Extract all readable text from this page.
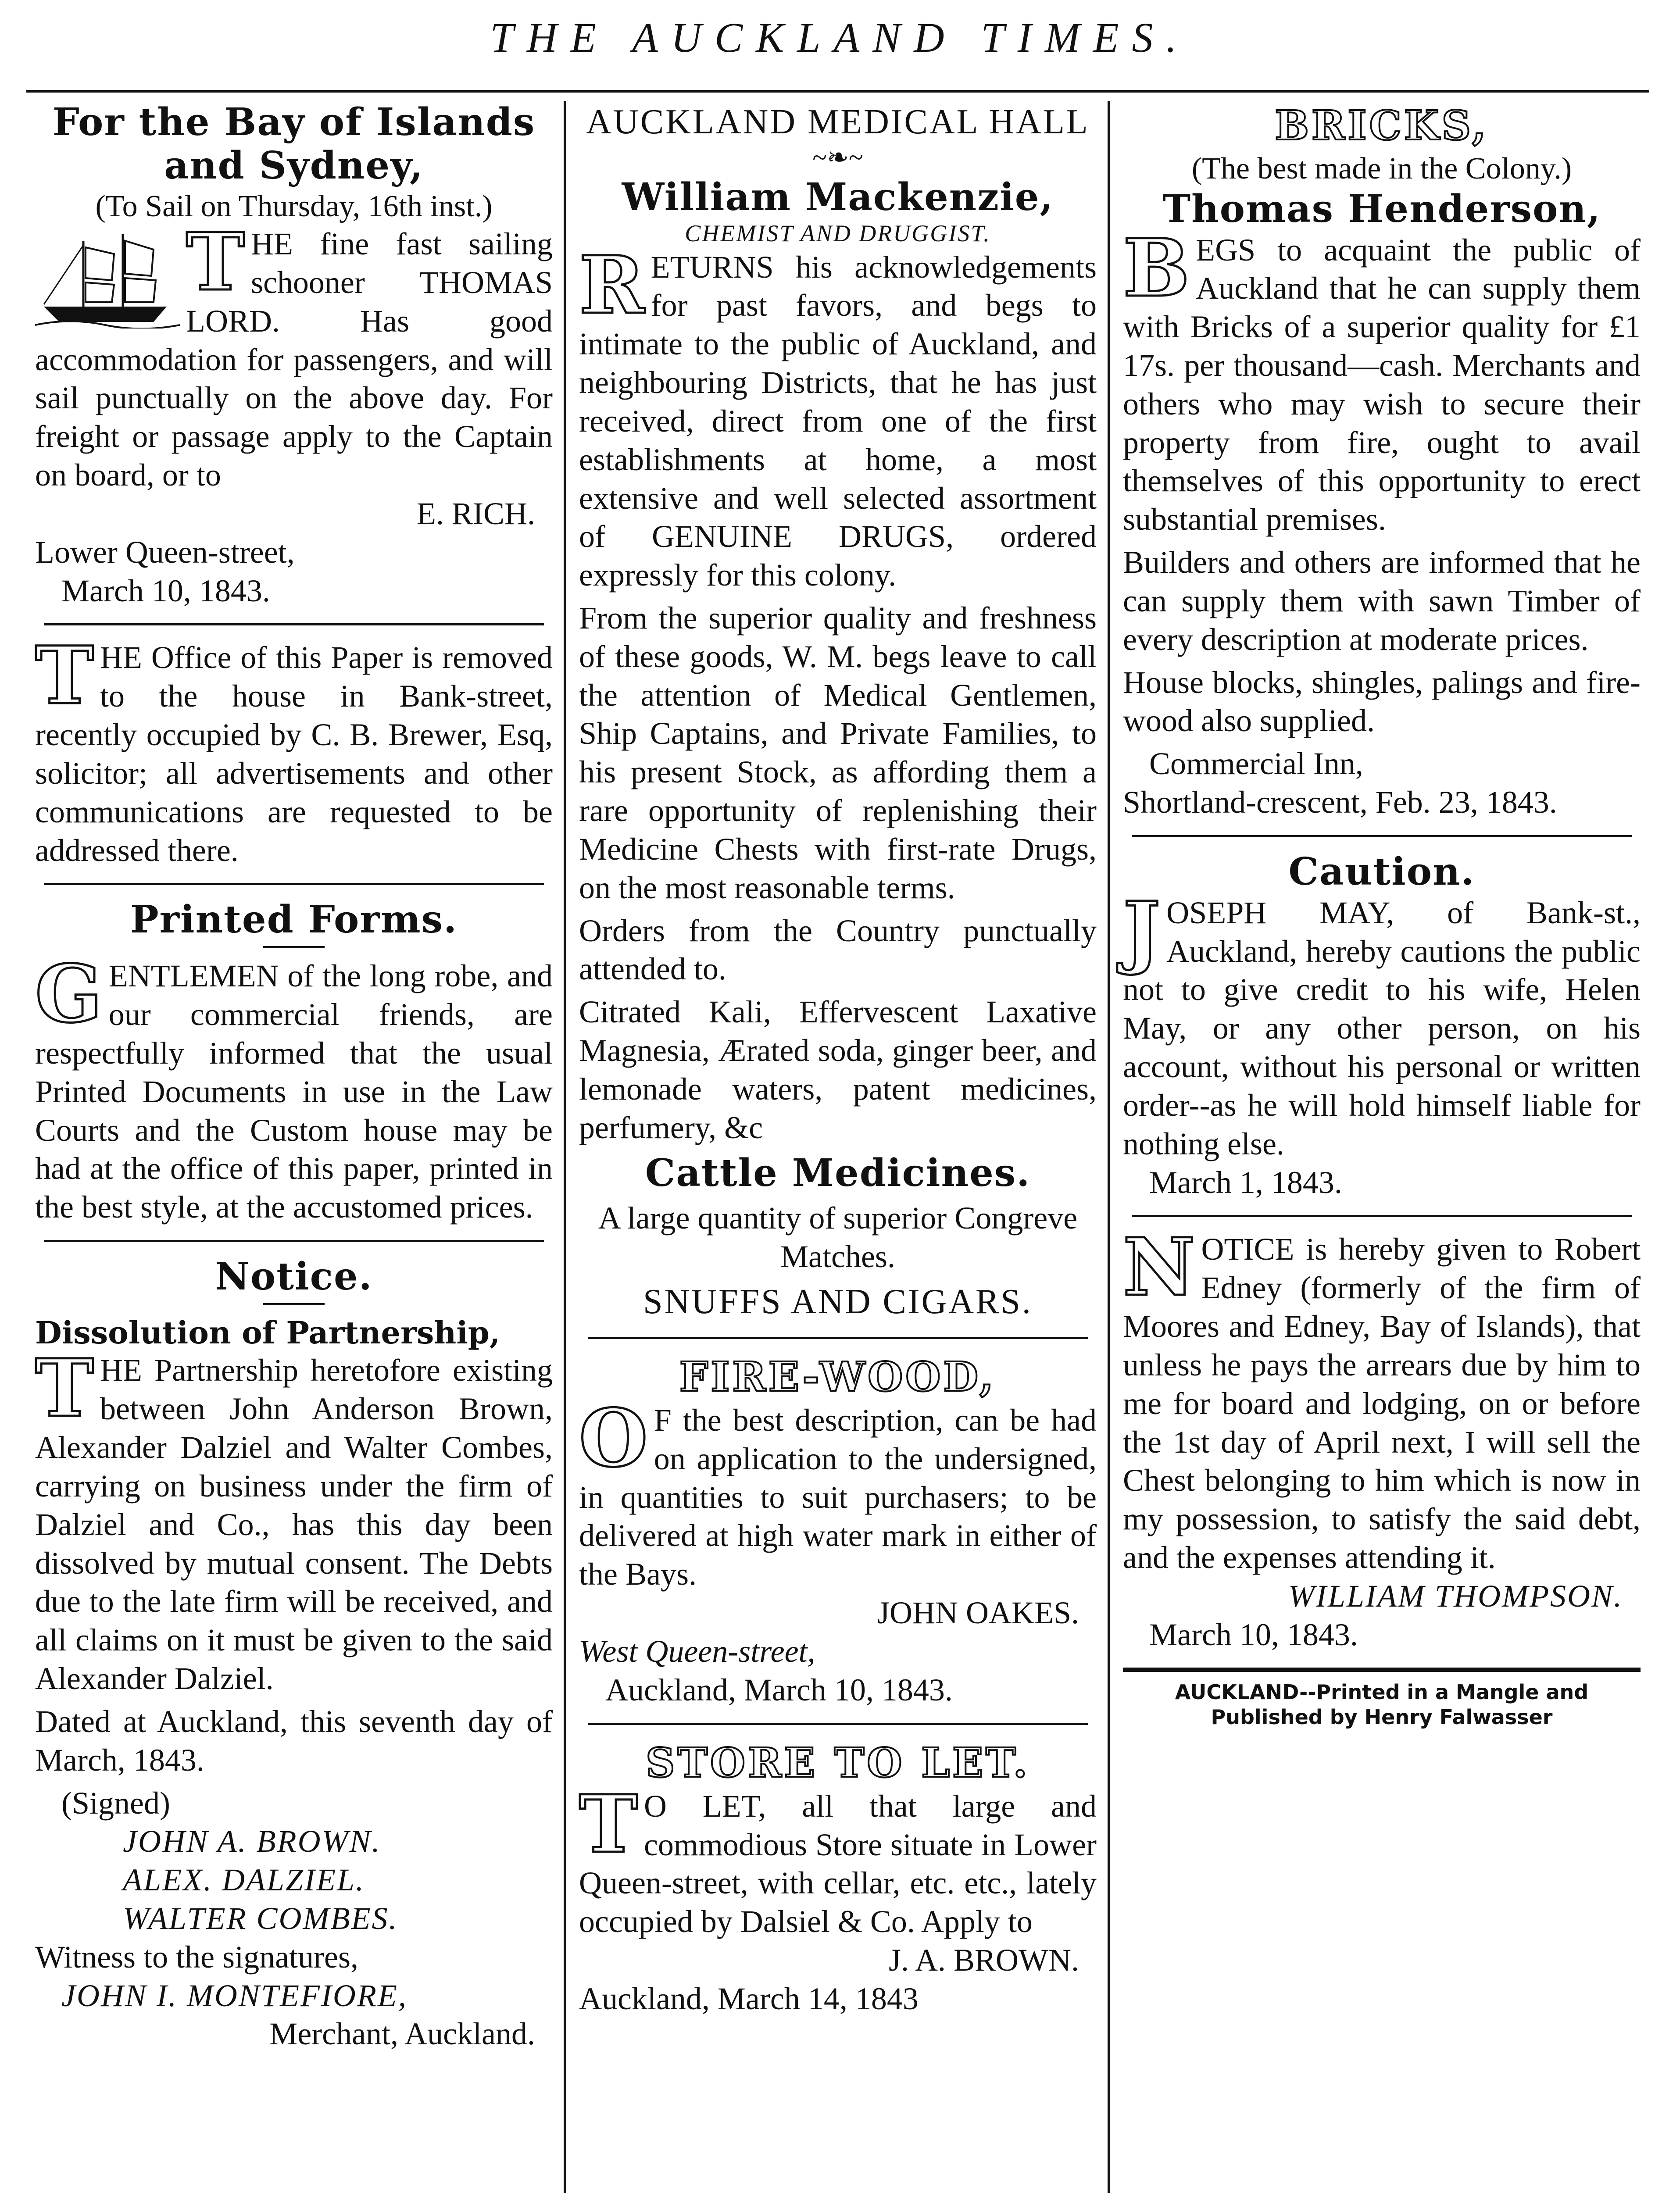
THE AUCKLAND TIMES.
For the Bay of Islands and Sydney,
(To Sail on Thursday, 16th inst.)
T HE fine fast sailing schooner THOMAS LORD. Has good accommodation for passengers, and will sail punctually on the above day. For freight or passage apply to the Captain on board, or to
E. RICH.
Lower Queen-street,
March 10, 1843.
T HE Office of this Paper is removed to the house in Bank-street, recently occupied by C. B. Brewer, Esq, solicitor; all advertisements and other communications are requested to be addressed there.
Printed Forms.
G ENTLEMEN of the long robe, and our commercial friends, are respectfully informed that the usual Printed Documents in use in the Law Courts and the Custom house may be had at the office of this paper, printed in the best style, at the accustomed prices.
Notice.
Dissolution of Partnership,
T HE Partnership heretofore existing between John Anderson Brown, Alexander Dalziel and Walter Combes, carrying on business under the firm of Dalziel and Co., has this day been dissolved by mutual consent. The Debts due to the late firm will be received, and all claims on it must be given to the said Alexander Dalziel.
Dated at Auckland, this seventh day of March, 1843.
(Signed)
JOHN A. BROWN.
ALEX. DALZIEL.
WALTER COMBES.
Witness to the signatures,
JOHN I. MONTEFIORE,
Merchant, Auckland.
AUCKLAND MEDICAL HALL
~❧~
William Mackenzie,
CHEMIST AND DRUGGIST.
R ETURNS his acknowledgements for past favors, and begs to intimate to the public of Auckland, and neighbouring Districts, that he has just received, direct from one of the first establishments at home, a most extensive and well selected assortment of GENUINE DRUGS, ordered expressly for this colony.
From the superior quality and freshness of these goods, W. M. begs leave to call the attention of Medical Gentlemen, Ship Captains, and Private Families, to his present Stock, as affording them a rare opportunity of replenishing their Medicine Chests with first-rate Drugs, on the most reasonable terms.
Orders from the Country punctually attended to.
Citrated Kali, Effervescent Laxative Magnesia, Ærated soda, ginger beer, and lemonade waters, patent medicines, perfumery, &c
Cattle Medicines.
A large quantity of superior Congreve Matches.
SNUFFS AND CIGARS.
FIRE-WOOD,
O F the best description, can be had on application to the undersigned, in quantities to suit purchasers; to be delivered at high water mark in either of the Bays.
JOHN OAKES.
West Queen-street,
Auckland, March 10, 1843.
STORE TO LET.
T O LET, all that large and commodious Store situate in Lower Queen-street, with cellar, etc. etc., lately occupied by Dalsiel & Co. Apply to
J. A. BROWN.
Auckland, March 14, 1843
BRICKS,
(The best made in the Colony.)
Thomas Henderson,
B EGS to acquaint the public of Auckland that he can supply them with Bricks of a superior quality for £1 17s. per thousand—cash. Merchants and others who may wish to secure their property from fire, ought to avail themselves of this opportunity to erect substantial premises.
Builders and others are informed that he can supply them with sawn Timber of every description at moderate prices.
House blocks, shingles, palings and fire-wood also supplied.
Commercial Inn,
Shortland-crescent, Feb. 23, 1843.
Caution.
J OSEPH MAY, of Bank-st., Auckland, hereby cautions the public not to give credit to his wife, Helen May, or any other person, on his account, without his personal or written order--as he will hold himself liable for nothing else.
March 1, 1843.
N OTICE is hereby given to Robert Edney (formerly of the firm of Moores and Edney, Bay of Islands), that unless he pays the arrears due by him to me for board and lodging, on or before the 1st day of April next, I will sell the Chest belonging to him which is now in my possession, to satisfy the said debt, and the expenses attending it.
WILLIAM THOMPSON.
March 10, 1843.
AUCKLAND--Printed in a Mangle and Published by Henry Falwasser
